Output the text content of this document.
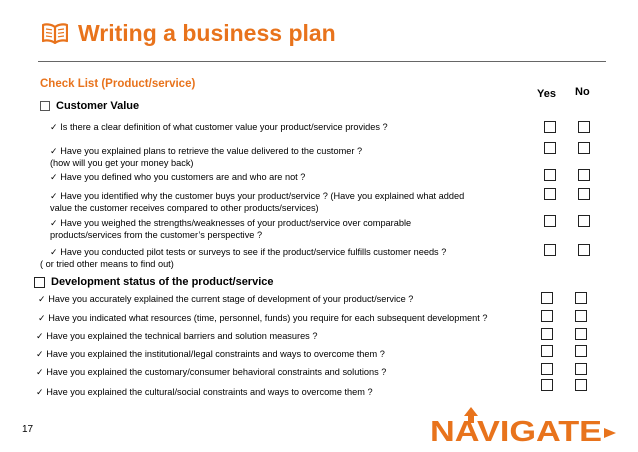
Writing a business plan
Check List (Product/service)
Yes No
Customer Value
✓ Is there a clear definition of what customer value your product/service provides ?
✓ Have you explained plans to retrieve the value delivered to the customer ?
(how will you get your money back)
✓ Have you defined who you customers are and who are not ?
✓ Have you identified why the customer buys your product/service ? (Have you explained what added
value the customer receives compared to other products/services)
✓ Have you weighed the strengths/weaknesses of your product/service over comparable
products/services from the customer’s perspective ?
✓ Have you conducted pilot tests or surveys to see if the product/service fulfills customer needs ?
( or tried other means to find out)
Development status of the product/service
✓ Have you accurately explained the current stage of development of your product/service ?
✓ Have you indicated what resources (time, personnel, funds) you require for each subsequent development ?
✓ Have you explained the technical barriers and solution measures ?
✓ Have you explained the institutional/legal constraints and ways to overcome them ?
✓ Have you explained the customary/consumer behavioral constraints and solutions ?
✓ Have you explained the cultural/social constraints and ways to overcome them ?
17	NAVIGATE
